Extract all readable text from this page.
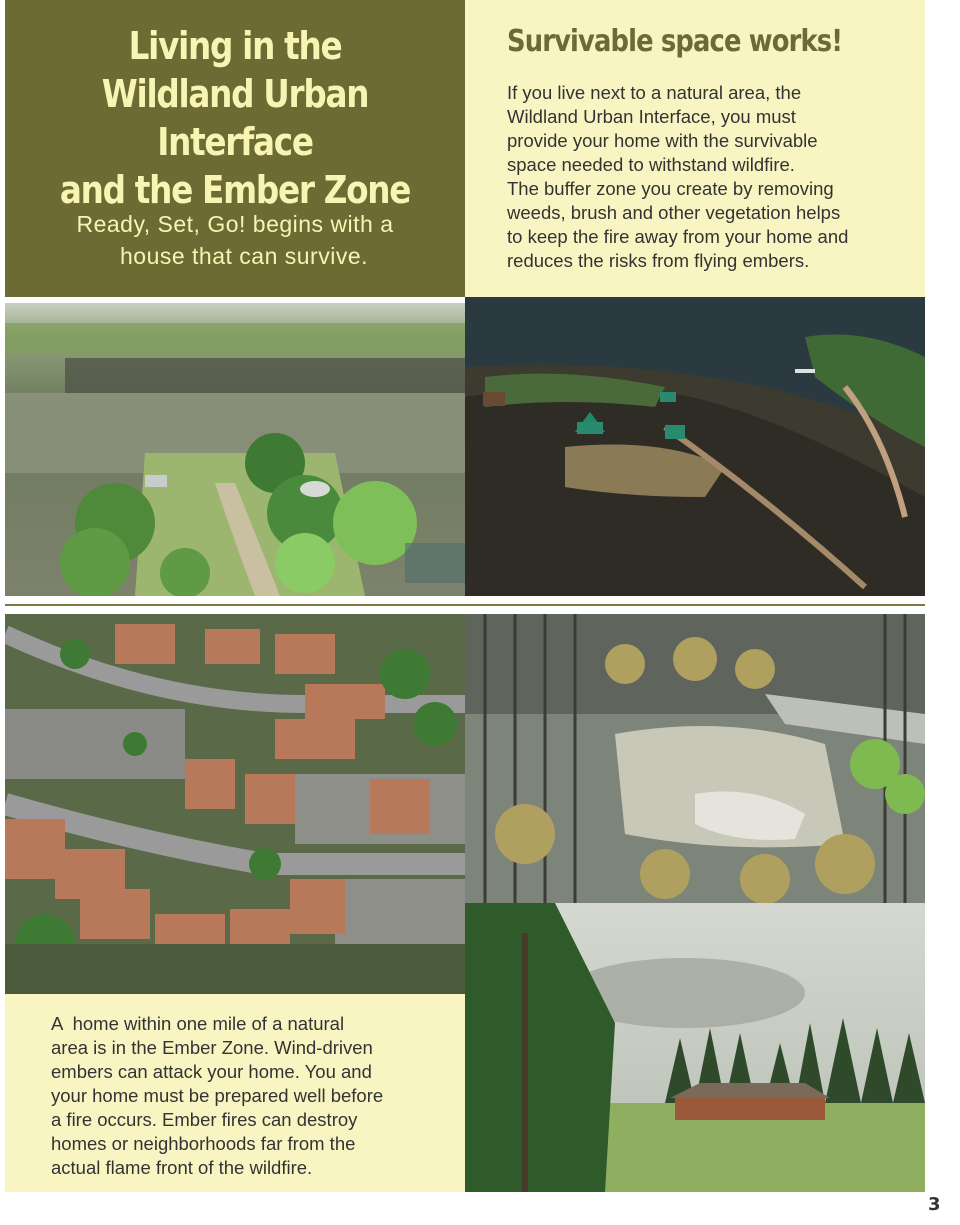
Living in the
Wildland Urban Interface
and the Ember Zone
Ready, Set, Go! begins with a
house that can survive.
Survivable space works!

If you live next to a natural area, the
Wildland Urban Interface, you must
provide your home with the survivable
space needed to withstand wildfire.
The buffer zone you create by removing
weeds, brush and other vegetation helps
to keep the fire away from your home and
reduces the risks from flying embers.

A  home within one mile of a natural
area is in the Ember Zone. Wind-driven
embers can attack your home. You and
your home must be prepared well before
a fire occurs. Ember fires can destroy
homes or neighborhoods far from the
actual flame front of the wildfire.

3
